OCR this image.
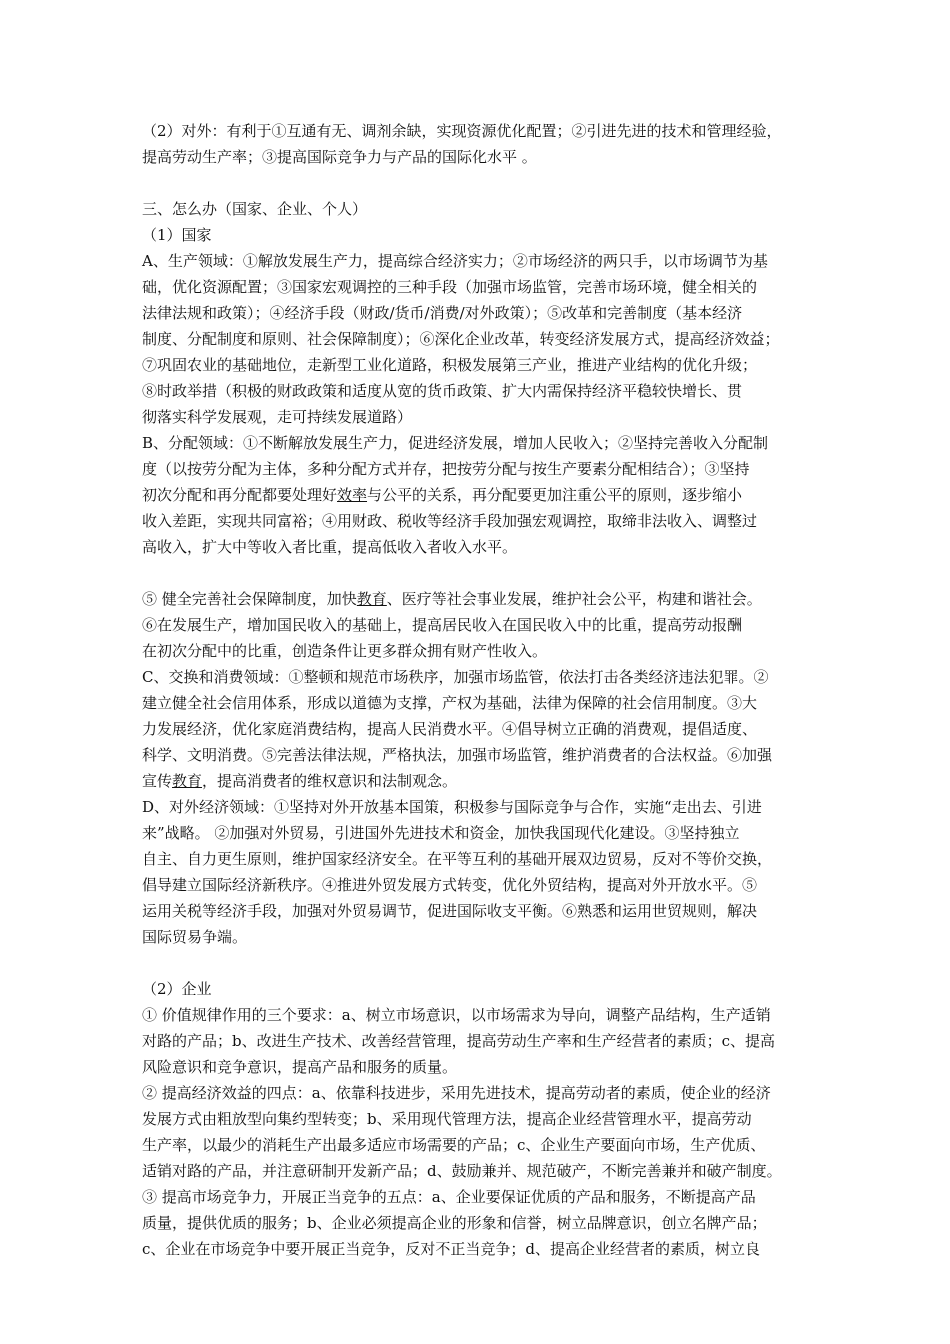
（2）对外：有利于①互通有无、调剂余缺，实现资源优化配置；②引进先进的技术和管理经验，
提高劳动生产率；③提高国际竞争力与产品的国际化水平 。
三、怎么办（国家、企业、个人）
（1）国家
A、生产领域：①解放发展生产力，提高综合经济实力；②市场经济的两只手，以市场调节为基
础，优化资源配置；③国家宏观调控的三种手段（加强市场监管，完善市场环境，健全相关的
法律法规和政策）；④经济手段（财政/货币/消费/对外政策）；⑤改革和完善制度（基本经济
制度、分配制度和原则、社会保障制度）；⑥深化企业改革，转变经济发展方式，提高经济效益；
⑦巩固农业的基础地位，走新型工业化道路，积极发展第三产业，推进产业结构的优化升级；
⑧时政举措（积极的财政政策和适度从宽的货币政策、扩大内需保持经济平稳较快增长、贯
彻落实科学发展观，走可持续发展道路）
B、分配领域：①不断解放发展生产力，促进经济发展，增加人民收入；②坚持完善收入分配制
度（以按劳分配为主体，多种分配方式并存，把按劳分配与按生产要素分配相结合）；③坚持
初次分配和再分配都要处理好效率与公平的关系，再分配要更加注重公平的原则，逐步缩小
收入差距，实现共同富裕；④用财政、税收等经济手段加强宏观调控，取缔非法收入、调整过
高收入，扩大中等收入者比重，提高低收入者收入水平。
⑤ 健全完善社会保障制度，加快教育、医疗等社会事业发展，维护社会公平，构建和谐社会。
⑥在发展生产，增加国民收入的基础上，提高居民收入在国民收入中的比重，提高劳动报酬
在初次分配中的比重，创造条件让更多群众拥有财产性收入。
C、交换和消费领域：①整顿和规范市场秩序，加强市场监管，依法打击各类经济违法犯罪。②
建立健全社会信用体系，形成以道德为支撑，产权为基础，法律为保障的社会信用制度。③大
力发展经济，优化家庭消费结构，提高人民消费水平。④倡导树立正确的消费观，提倡适度、
科学、文明消费。⑤完善法律法规，严格执法，加强市场监管，维护消费者的合法权益。⑥加强
宣传教育，提高消费者的维权意识和法制观念。
D、对外经济领域：①坚持对外开放基本国策，积极参与国际竞争与合作，实施“走出去、引进
来”战略。 ②加强对外贸易，引进国外先进技术和资金，加快我国现代化建设。③坚持独立
自主、自力更生原则，维护国家经济安全。在平等互利的基础开展双边贸易，反对不等价交换，
倡导建立国际经济新秩序。④推进外贸发展方式转变，优化外贸结构，提高对外开放水平。⑤
运用关税等经济手段，加强对外贸易调节，促进国际收支平衡。⑥熟悉和运用世贸规则，解决
国际贸易争端。
（2）企业
① 价值规律作用的三个要求：a、树立市场意识，以市场需求为导向，调整产品结构，生产适销
对路的产品；b、改进生产技术、改善经营管理，提高劳动生产率和生产经营者的素质；c、提高
风险意识和竞争意识，提高产品和服务的质量。
② 提高经济效益的四点：a、依靠科技进步，采用先进技术，提高劳动者的素质，使企业的经济
发展方式由粗放型向集约型转变；b、采用现代管理方法，提高企业经营管理水平，提高劳动
生产率，以最少的消耗生产出最多适应市场需要的产品；c、企业生产要面向市场，生产优质、
适销对路的产品，并注意研制开发新产品；d、鼓励兼并、规范破产，不断完善兼并和破产制度。
③ 提高市场竞争力，开展正当竞争的五点：a、企业要保证优质的产品和服务，不断提高产品
质量，提供优质的服务；b、企业必须提高企业的形象和信誉，树立品牌意识，创立名牌产品；
c、企业在市场竞争中要开展正当竞争，反对不正当竞争；d、提高企业经营者的素质，树立良
